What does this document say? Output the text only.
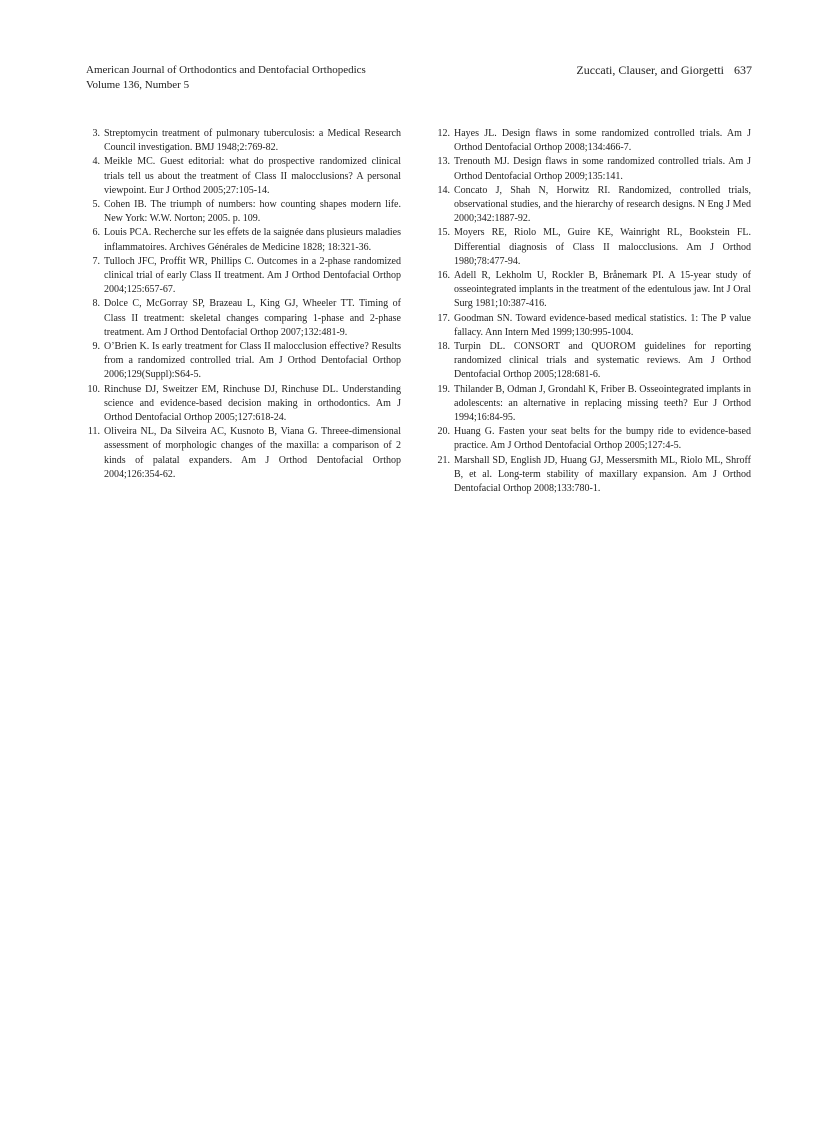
American Journal of Orthodontics and Dentofacial Orthopedics
Volume 136, Number 5
Zuccati, Clauser, and Giorgetti 637
3. Streptomycin treatment of pulmonary tuberculosis: a Medical Research Council investigation. BMJ 1948;2:769-82.
4. Meikle MC. Guest editorial: what do prospective randomized clinical trials tell us about the treatment of Class II malocclusions? A personal viewpoint. Eur J Orthod 2005;27:105-14.
5. Cohen IB. The triumph of numbers: how counting shapes modern life. New York: W.W. Norton; 2005. p. 109.
6. Louis PCA. Recherche sur les effets de la saignée dans plusieurs maladies inflammatoires. Archives Générales de Medicine 1828; 18:321-36.
7. Tulloch JFC, Proffit WR, Phillips C. Outcomes in a 2-phase randomized clinical trial of early Class II treatment. Am J Orthod Dentofacial Orthop 2004;125:657-67.
8. Dolce C, McGorray SP, Brazeau L, King GJ, Wheeler TT. Timing of Class II treatment: skeletal changes comparing 1-phase and 2-phase treatment. Am J Orthod Dentofacial Orthop 2007;132:481-9.
9. O’Brien K. Is early treatment for Class II malocclusion effective? Results from a randomized controlled trial. Am J Orthod Dentofacial Orthop 2006;129(Suppl):S64-5.
10. Rinchuse DJ, Sweitzer EM, Rinchuse DJ, Rinchuse DL. Understanding science and evidence-based decision making in orthodontics. Am J Orthod Dentofacial Orthop 2005;127:618-24.
11. Oliveira NL, Da Silveira AC, Kusnoto B, Viana G. Threee-dimensional assessment of morphologic changes of the maxilla: a comparison of 2 kinds of palatal expanders. Am J Orthod Dentofacial Orthop 2004;126:354-62.
12. Hayes JL. Design flaws in some randomized controlled trials. Am J Orthod Dentofacial Orthop 2008;134:466-7.
13. Trenouth MJ. Design flaws in some randomized controlled trials. Am J Orthod Dentofacial Orthop 2009;135:141.
14. Concato J, Shah N, Horwitz RI. Randomized, controlled trials, observational studies, and the hierarchy of research designs. N Eng J Med 2000;342:1887-92.
15. Moyers RE, Riolo ML, Guire KE, Wainright RL, Bookstein FL. Differential diagnosis of Class II malocclusions. Am J Orthod 1980;78:477-94.
16. Adell R, Lekholm U, Rockler B, Brånemark PI. A 15-year study of osseointegrated implants in the treatment of the edentulous jaw. Int J Oral Surg 1981;10:387-416.
17. Goodman SN. Toward evidence-based medical statistics. 1: The P value fallacy. Ann Intern Med 1999;130:995-1004.
18. Turpin DL. CONSORT and QUOROM guidelines for reporting randomized clinical trials and systematic reviews. Am J Orthod Dentofacial Orthop 2005;128:681-6.
19. Thilander B, Odman J, Grondahl K, Friber B. Osseointegrated implants in adolescents: an alternative in replacing missing teeth? Eur J Orthod 1994;16:84-95.
20. Huang G. Fasten your seat belts for the bumpy ride to evidence-based practice. Am J Orthod Dentofacial Orthop 2005;127:4-5.
21. Marshall SD, English JD, Huang GJ, Messersmith ML, Riolo ML, Shroff B, et al. Long-term stability of maxillary expansion. Am J Orthod Dentofacial Orthop 2008;133:780-1.
